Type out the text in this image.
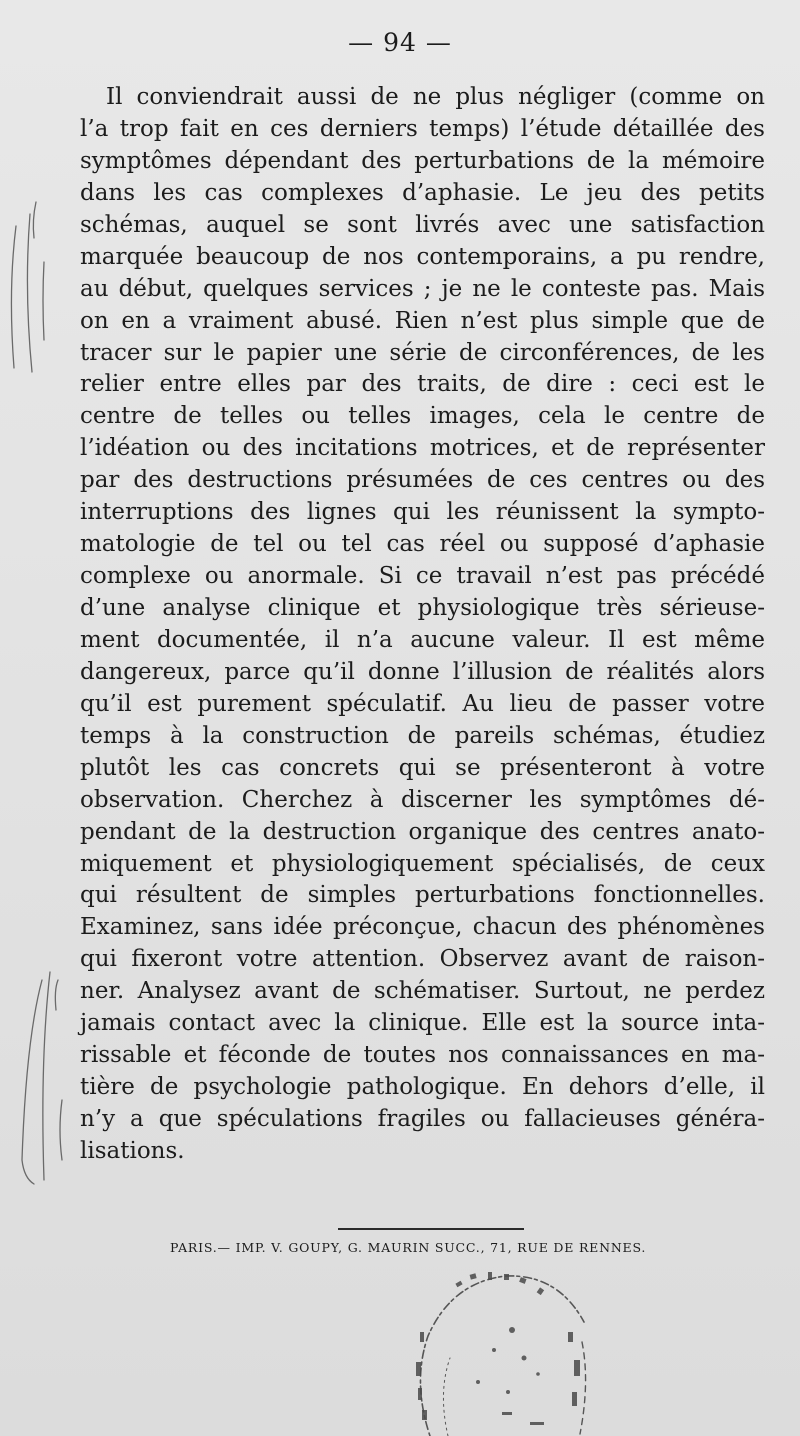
— 94 —
Il conviendrait aussi de ne plus négliger (comme on
l’a trop fait en ces derniers temps) l’étude détaillée des
symptômes dépendant des perturbations de la mémoire
dans les cas complexes d’aphasie. Le jeu des petits
schémas, auquel se sont livrés avec une satisfaction
marquée beaucoup de nos contemporains, a pu rendre,
au début, quelques services ; je ne le conteste pas. Mais
on en a vraiment abusé. Rien n’est plus simple que de
tracer sur le papier une série de circonférences, de les
relier entre elles par des traits, de dire : ceci est le
centre de telles ou telles images, cela le centre de
l’idéation ou des incitations motrices, et de représenter
par des destructions présumées de ces centres ou des
interruptions des lignes qui les réunissent la sympto-
matologie de tel ou tel cas réel ou supposé d’aphasie
complexe ou anormale. Si ce travail n’est pas précédé
d’une analyse clinique et physiologique très sérieuse-
ment documentée, il n’a aucune valeur. Il est même
dangereux, parce qu’il donne l’illusion de réalités alors
qu’il est purement spéculatif. Au lieu de passer votre
temps à la construction de pareils schémas, étudiez
plutôt les cas concrets qui se présenteront à votre
observation. Cherchez à discerner les symptômes dé-
pendant de la destruction organique des centres anato-
miquement et physiologiquement spécialisés, de ceux
qui résultent de simples perturbations fonctionnelles.
Examinez, sans idée préconçue, chacun des phénomènes
qui fixeront votre attention. Observez avant de raison-
ner. Analysez avant de schématiser. Surtout, ne perdez
jamais contact avec la clinique. Elle est la source inta-
rissable et féconde de toutes nos connaissances en ma-
tière de psychologie pathologique. En dehors d’elle, il
n’y a que spéculations fragiles ou fallacieuses généra-
lisations.
PARIS.— IMP. V. GOUPY, G. MAURIN SUCC., 71, RUE DE RENNES.
